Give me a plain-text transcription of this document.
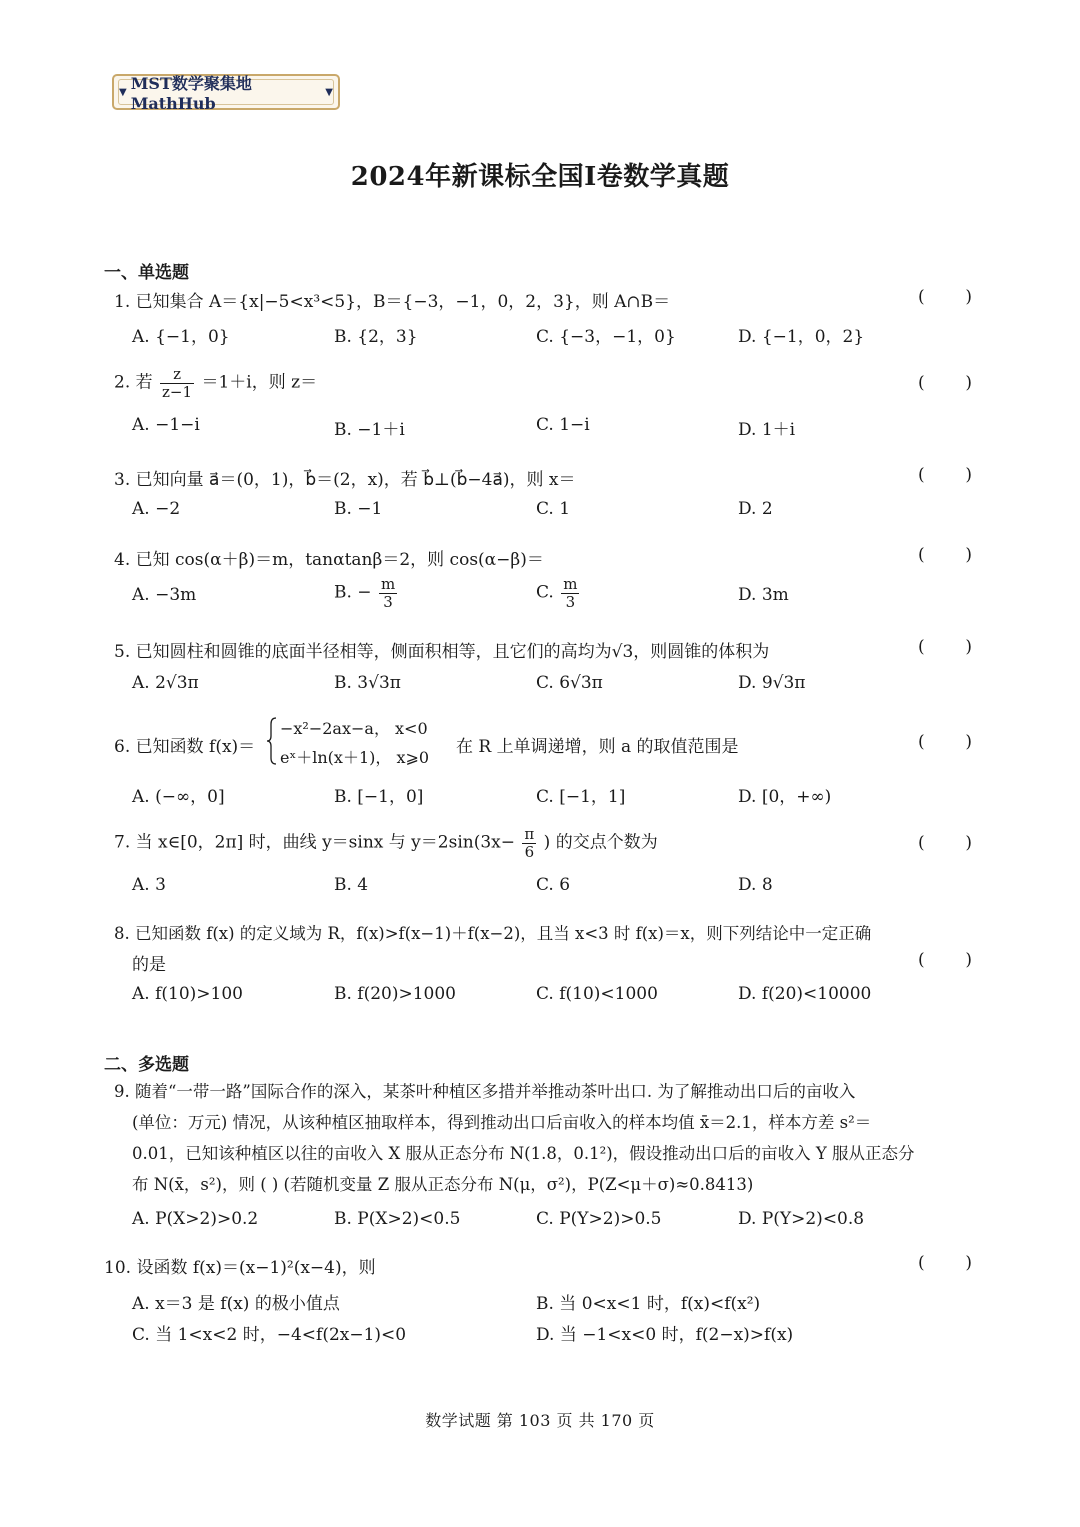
▼ MST数学聚集地MathHub
▼
2024年新课标全国I卷数学真题
一、单选题
1. 已知集合 A＝{x|−5<x³<5}，B＝{−3，−1，0，2，3}，则 A∩B＝	( )
A. {−1，0}	B. {2，3}	C. {−3，−1，0}	D. {−1，0，2}
2. 若 $\frac{z}{z-1} =1+i$，则 z＝	( )
A. −1−i	B. −1＋i	C. 1−i	D. 1＋i
3. 已知向量 a⃗＝(0，1)，b⃗＝(2，x)，若 b⃗⊥(b⃗−4a⃗)，则 x＝	( )
A. −2	B. −1	C. 1	D. 2
4. 已知 cos(α＋β)＝m，tanαtanβ＝2，则 cos(α−β)＝	( )
A. −3m	B. − $\frac{m}{3}$	C. $\frac{m}{3}$	D. 3m
5. 已知圆柱和圆锥的底面半径相等，侧面积相等，且它们的高均为√3，则圆锥的体积为	( )
A. 2√3π	B. 3√3π	C. 6√3π	D. 9√3π
6. 已知函数 f(x)＝
−x²−2ax−a， x<0
eˣ＋ln(x＋1)， x⩾0
在 R 上单调递增，则 a 的取值范围是	( )
A. (−∞，0]	B. [−1，0]	C. [−1，1]	D. [0，+∞)
7. 当 x∈[0，2π] 时，曲线 y＝sinx 与 $y=2\sin(3x- \frac{\pi}{6}$ ) 的交点个数为	( )
A. 3	B. 4	C. 6	D. 8
8. 已知函数 f(x) 的定义域为 R，f(x)>f(x−1)＋f(x−2)，且当 x<3 时 f(x)＝x，则下列结论中一定正确
的是	( )
A. f(10)>100	B. f(20)>1000	C. f(10)<1000	D. f(20)<10000
二、多选题
9. 随着“一带一路”国际合作的深入，某茶叶种植区多措并举推动茶叶出口. 为了解推动出口后的亩收入
(单位：万元) 情况，从该种植区抽取样本，得到推动出口后亩收入的样本均值 x̄＝2.1，样本方差 s²＝
0.01，已知该种植区以往的亩收入 X 服从正态分布 N(1.8，0.1²)，假设推动出口后的亩收入 Y 服从正态分
布 N(x̄，s²)，则 ( ) (若随机变量 Z 服从正态分布 N(μ，σ²)，P(Z<μ＋σ)≈0.8413)
A. P(X>2)>0.2	B. P(X>2)<0.5	C. P(Y>2)>0.5	D. P(Y>2)<0.8
10. 设函数 f(x)＝(x−1)²(x−4)，则	( )
A. x＝3 是 f(x) 的极小值点	B. 当 0<x<1 时，f(x)<f(x²)
C. 当 1<x<2 时，−4<f(2x−1)<0	D. 当 −1<x<0 时，f(2−x)>f(x)
数学试题 第 103 页 共 170 页
